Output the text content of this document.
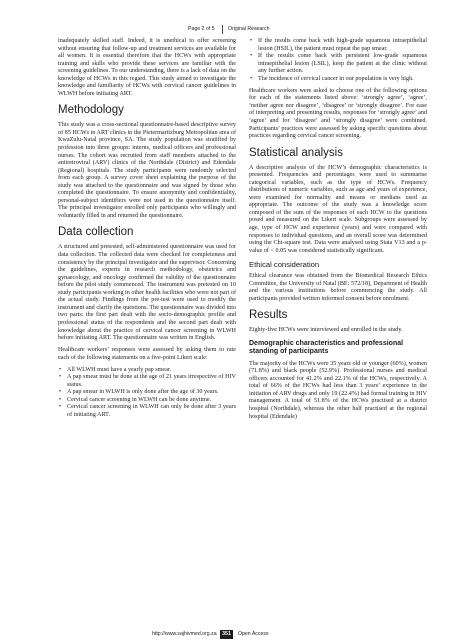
Page 2 of 5	Original Research

inadequately skilled staff. Indeed, it is unethical to offer screening without ensuring that follow-up and treatment services are available for all women. It is essential therefore that the HCWs with appropriate training and skills who provide these services are familiar with the screening guidelines. To our understanding, there is a lack of data on the knowledge of HCWs in this regard. This study aimed to investigate the knowledge and familiarity of HCWs with cervical cancer guidelines in WLWH before initiating ART.

Methodology

This study was a cross-sectional questionnaire-based descriptive survey of 85 HCWs in ART clinics in the Pietermaritzburg Metropolitan area of KwaZulu-Natal province, SA. The study population was stratified by profession into three groups: interns, medical officers and professional nurses. The cohort was recruited from staff members attached to the antiretroviral (ARV) clinics of the Northdale (District) and Edendale (Regional) hospitals. The study participants were randomly selected from each group. A survey cover sheet explaining the purpose of the study was attached to the questionnaire and was signed by those who completed the questionnaire. To ensure anonymity and confidentiality, personal-subject identifiers were not used in the questionnaire itself. The principal investigator enrolled only participants who willingly and voluntarily filled in and returned the questionnaire.

Data collection

A structured and pretested, self-administered questionnaire was used for data collection. The collected data were checked for completeness and consistency by the principal investigator and the supervisor. Concerning the guidelines, experts in research methodology, obstetrics and gynaecology, and oncology confirmed the validity of the questionnaire before the pilot study commenced. The instrument was pretested on 10 study participants working in other health facilities who were not part of the actual study. Findings from the pre-test were used to modify the instrument and clarify the questions. The questionnaire was divided into two parts: the first part dealt with the socio-demographic profile and professional status of the respondents and the second part dealt with knowledge about the practice of cervical cancer screening in WLWH before initiating ART. The questionnaire was written in English.

Healthcare workers’ responses were assessed by asking them to rate each of the following statements on a five-point Likert scale:

• All WLWH must have a yearly pap smear.
• A pap smear must be done at the age of 21 years irrespective of HIV status.
• A pap smear in WLWH is only done after the age of 30 years.
• Cervical cancer screening in WLWH can be done anytime.
• Cervical cancer screening in WLWH can only be done after 3 years of initiating ART.
• If the results come back with high-grade squamous intraepithelial lesion (HSIL), the patient must repeat the pap smear.
• If the results come back with persistent low-grade squamous intraepithelial lesion (LSIL), keep the patient at the clinic without any further action.
• The incidence of cervical cancer in our population is very high.

Healthcare workers were asked to choose one of the following options for each of the statements listed above: ‘strongly agree’, ‘agree’, ‘neither agree nor disagree’, ‘disagree’ or ‘strongly disagree’. For ease of interpreting and presenting results, responses for ‘strongly agree’ and ‘agree’ and for ‘disagree’ and ‘strongly disagree’ were combined. Participants’ practices were assessed by asking specific questions about practices regarding cervical cancer screening.

Statistical analysis

A descriptive analysis of the HCW’s demographic characteristics is presented. Frequencies and percentages were used to summarise categorical variables, such as the type of HCWs. Frequency distributions of numeric variables, such as age and years of experience, were examined for normality and means or medians used as appropriate. The outcome of the study was a knowledge score composed of the sum of the responses of each HCW to the questions posed and measured on the Likert scale. Subgroups were assessed by age, type of HCW and experience (years) and were compared with responses to individual questions, and an overall score was determined using the Chi-square test. Data were analysed using Stata V13 and a p-value of < 0.05 was considered statistically significant.

Ethical consideration

Ethical clearance was obtained from the Biomedical Research Ethics Committee, the University of Natal (BE: 572/18), Department of Health and the various institutions before commencing the study. All participants provided written informed consent before enrolment.

Results

Eighty-five HCWs were interviewed and enrolled in the study.

Demographic characteristics and professional standing of participants

The majority of the HCWs were 35 years old or younger (60%), women (71.8%) and black people (52.9%). Professional nurses and medical officers accounted for 41.2% and 22.1% of the HCWs, respectively. A total of 66% of the HCWs had less than 3 years’ experience in the initiation of ARV drugs and only 19 (22.4%) had formal training in HIV management. A total of 51.8% of the HCWs practised at a district hospital (Northdale), whereas the other half practised at the regional hospital (Edendale)

http://www.sajhivmed.org.za	351	Open Access
